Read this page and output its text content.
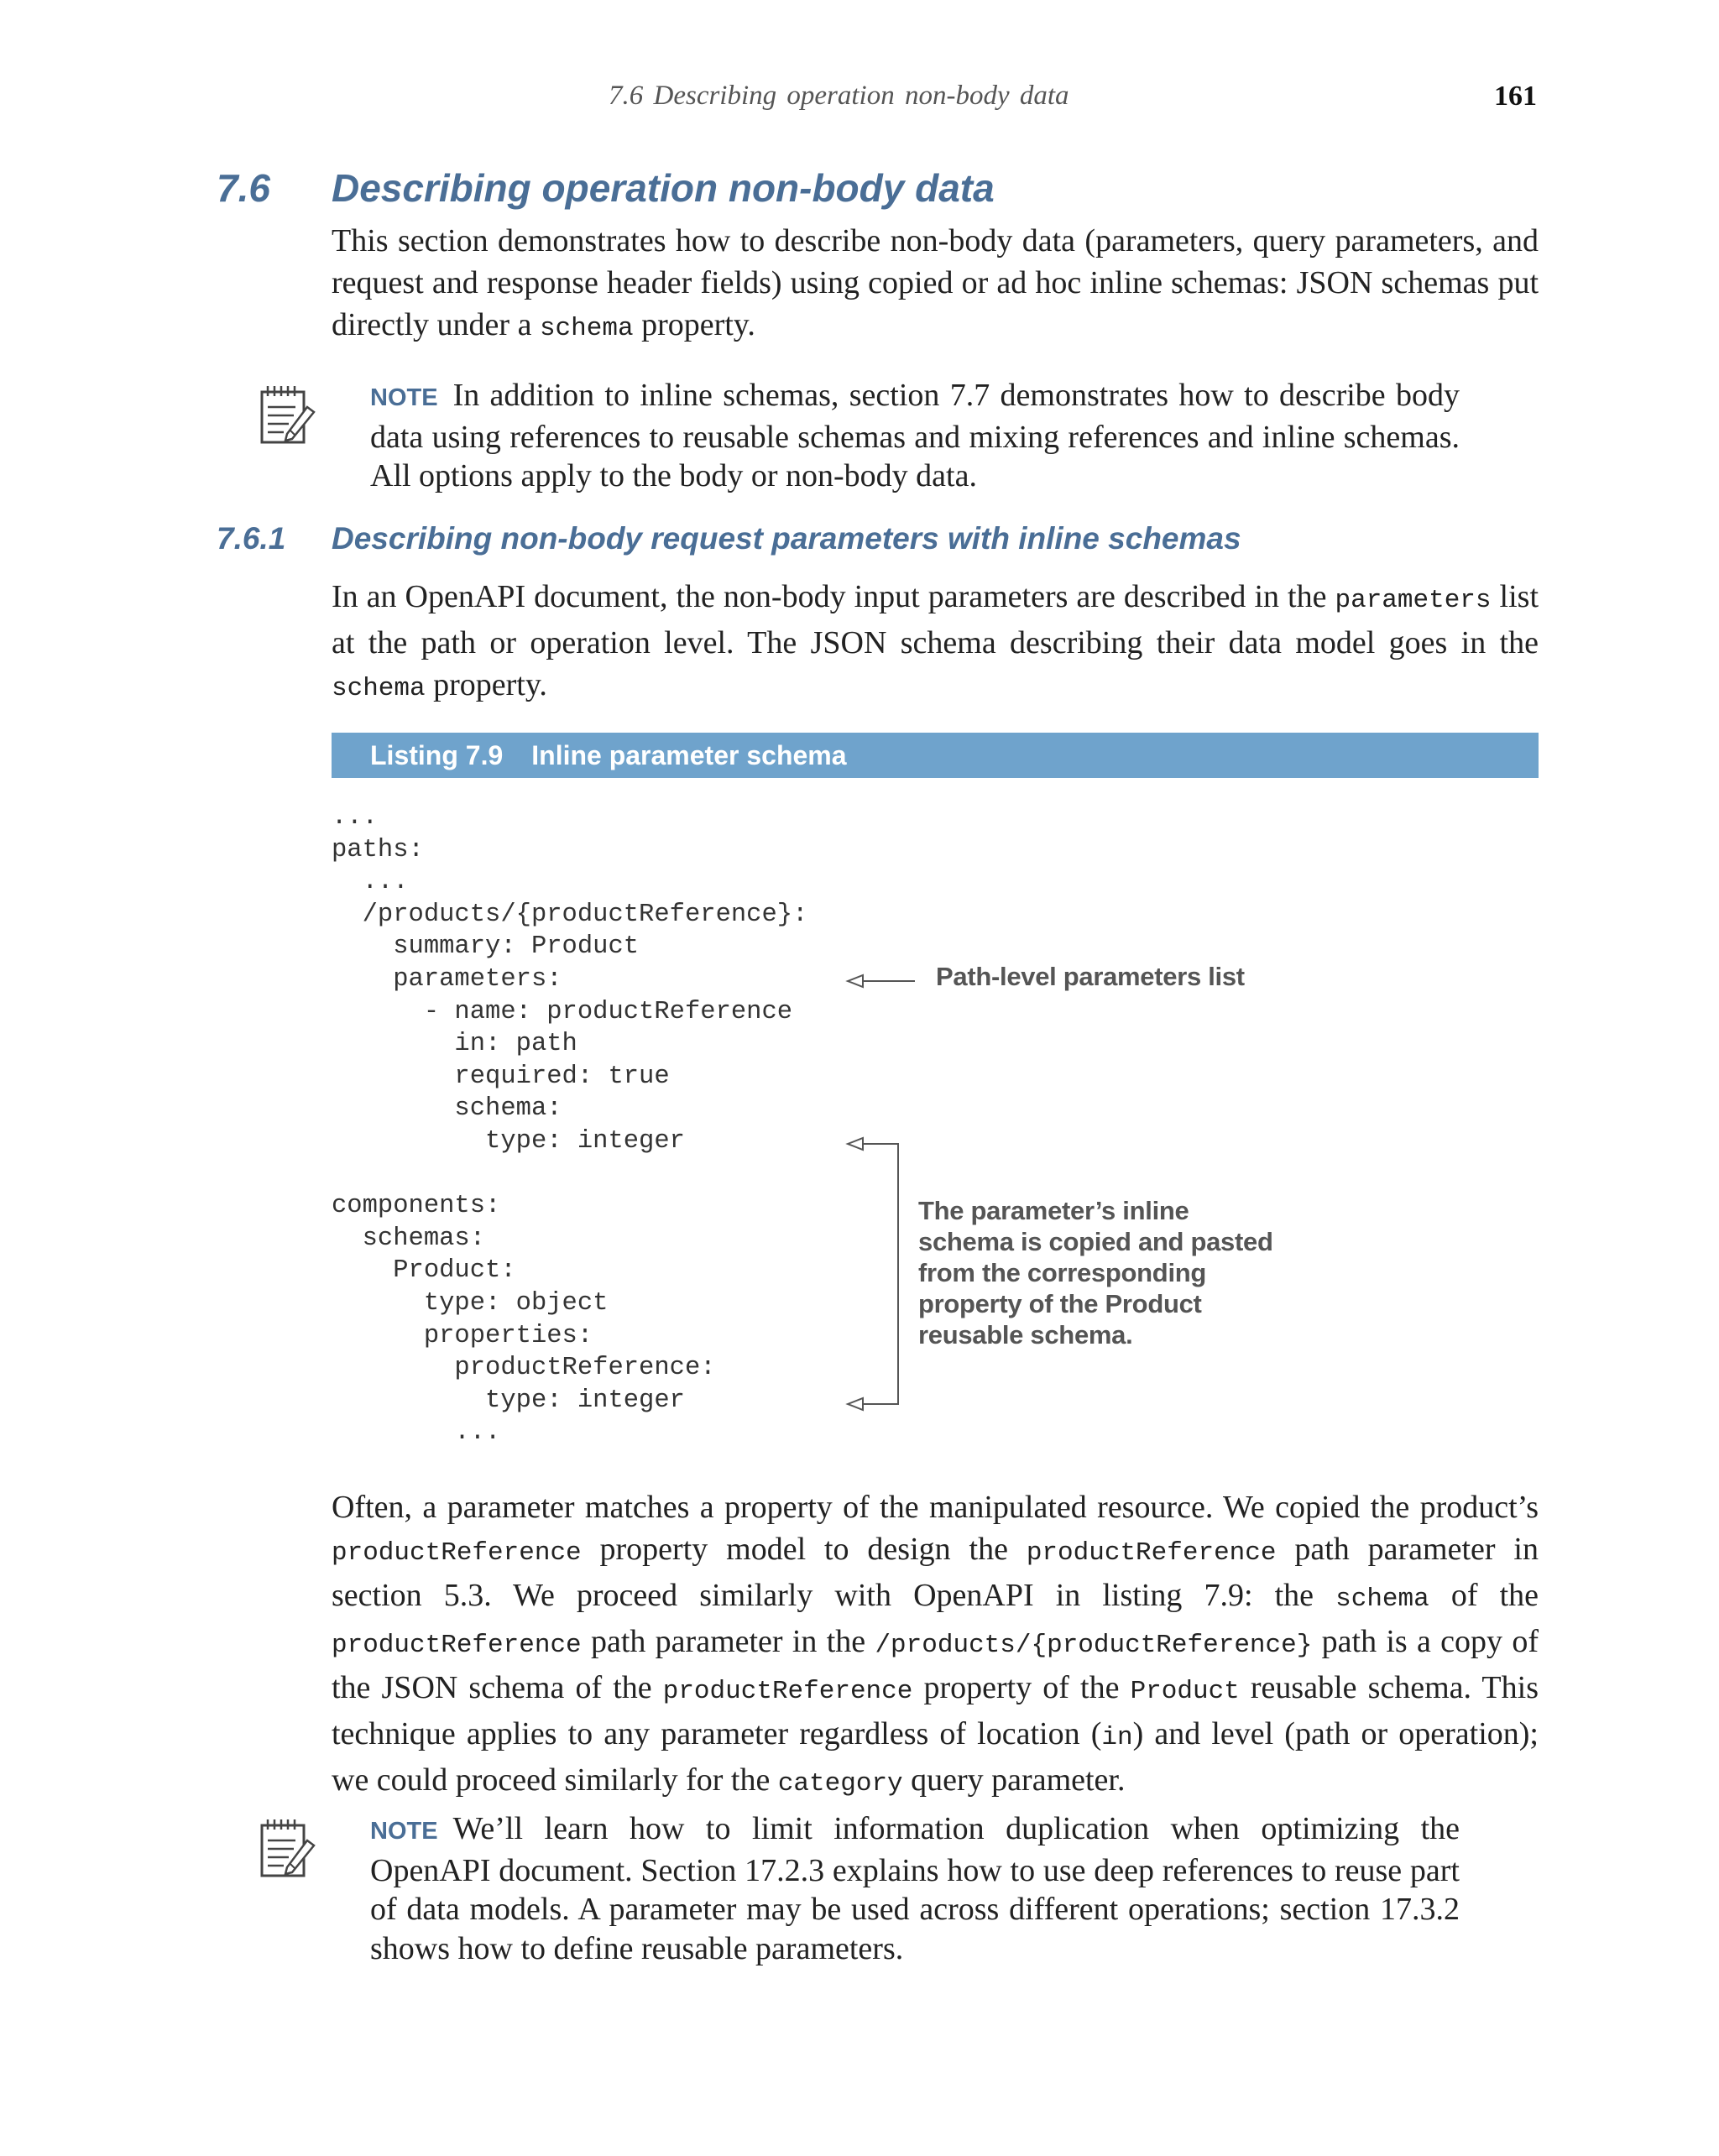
7.6 Describing operation non-body data	161
7.6 Describing operation non-body data
This section demonstrates how to describe non-body data (parameters, query parameters, and request and response header fields) using copied or ad hoc inline schemas: JSON schemas put directly under a schema property.
NOTE In addition to inline schemas, section 7.7 demonstrates how to describe body data using references to reusable schemas and mixing references and inline schemas. All options apply to the body or non-body data.
7.6.1 Describing non-body request parameters with inline schemas
In an OpenAPI document, the non-body input parameters are described in the parameters list at the path or operation level. The JSON schema describing their data model goes in the schema property.
Listing 7.9 Inline parameter schema
...
paths:
...
/products/{productReference}:
summary: Product
parameters:
- name: productReference
in: path
required: true
schema:
type: integer
components:
schemas:
Product:
type: object
properties:
productReference:
type: integer
...
Path-level parameters list
The parameter’s inline
schema is copied and pasted
from the corresponding
property of the Product
reusable schema.
Often, a parameter matches a property of the manipulated resource. We copied the product’s productReference property model to design the productReference path parameter in section 5.3. We proceed similarly with OpenAPI in listing 7.9: the schema of the productReference path parameter in the /products/{productReference} path is a copy of the JSON schema of the productReference property of the Product reusable schema. This technique applies to any parameter regardless of location (in) and level (path or operation); we could proceed similarly for the category query parameter.
NOTE We’ll learn how to limit information duplication when optimizing the OpenAPI document. Section 17.2.3 explains how to use deep references to reuse part of data models. A parameter may be used across different operations; section 17.3.2 shows how to define reusable parameters.
